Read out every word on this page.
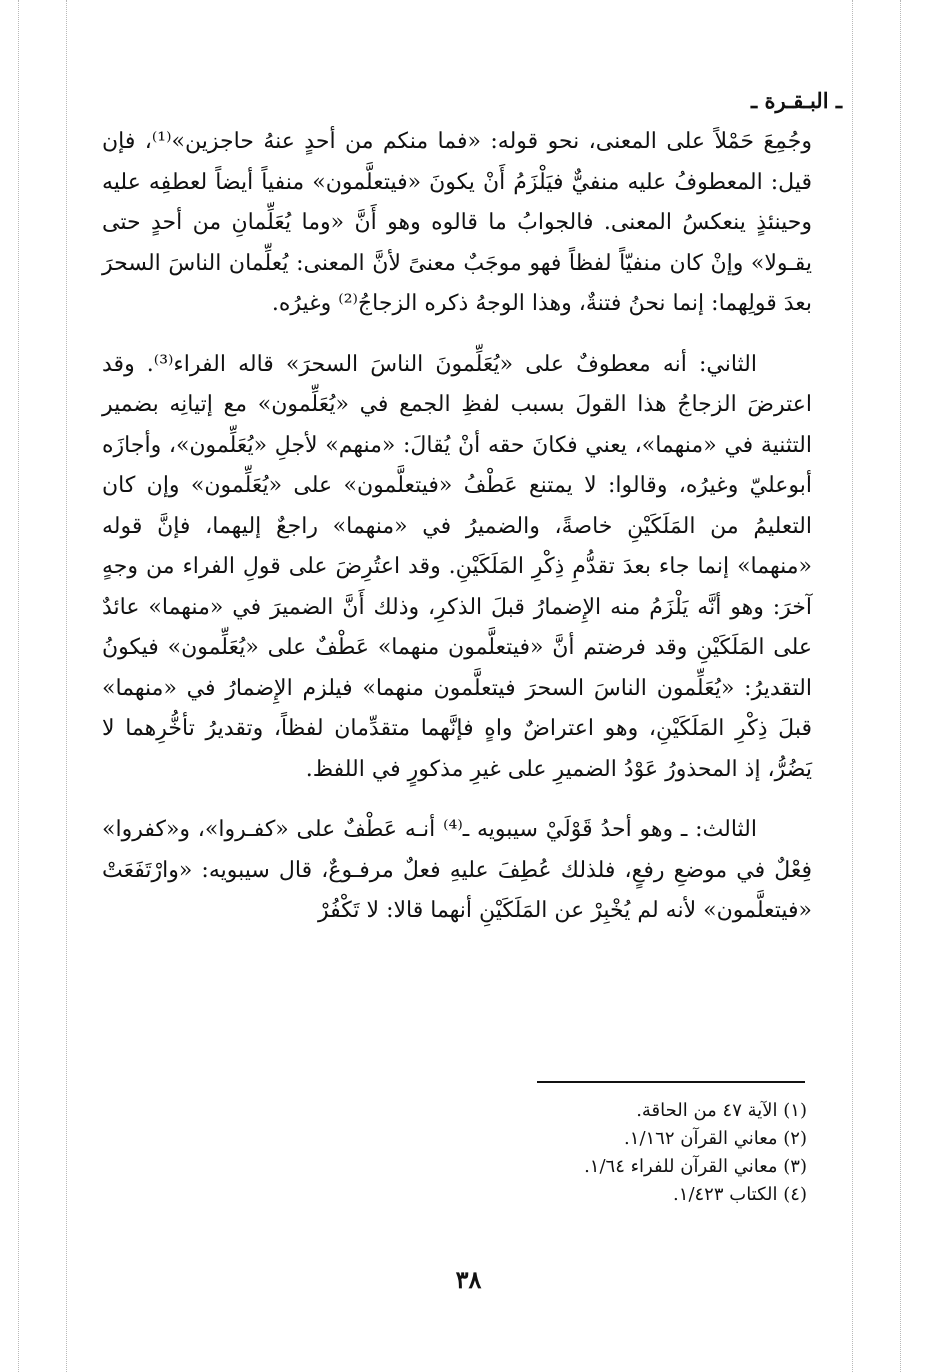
ـ البـقـرة ـ

وجُمِعَ حَمْلاً على المعنى، نحو قوله: «فما منكم من أحدٍ عنهُ حاجزين»⁽¹⁾، فإن قيل: المعطوفُ عليه منفيٌّ فيَلْزَمُ أَنْ يكونَ «فيتعلَّمون» منفياً أيضاً لعطفِه عليه وحينئذٍ ينعكسُ المعنى. فالجوابُ ما قالوه وهو أَنَّ «وما يُعَلِّمانِ من أحدٍ حتى يقـولا» وإنْ كان منفيّاً لفظاً فهو موجَبٌ معنىً لأنَّ المعنى: يُعلِّمان الناسَ السحرَ بعدَ قولِهما: إنما نحنُ فتنةٌ، وهذا الوجهُ ذكره الزجاجُ⁽²⁾ وغيرُه.

الثاني: أنه معطوفٌ على «يُعَلِّمونَ الناسَ السحرَ» قاله الفراء⁽³⁾. وقد اعترضَ الزجاجُ هذا القولَ بسبب لفظِ الجمع في «يُعَلِّمون» مع إتيانِه بضمير التثنية في «منهما»، يعني فكانَ حقه أنْ يُقالَ: «منهم» لأجلِ «يُعَلِّمون»، وأجازَه أبوعليّ وغيرُه، وقالوا: لا يمتنع عَطْفُ «فيتعلَّمون» على «يُعَلِّمون» وإن كان التعليمُ من المَلَكَيْنِ خاصةً، والضميرُ في «منهما» راجعٌ إليهما، فإنَّ قوله «منهما» إنما جاء بعدَ تقدُّمِ ذِكْرِ المَلَكَيْنِ. وقد اعتُرِضَ على قولِ الفراء من وجهٍ آخرَ: وهو أنَّه يَلْزَمُ منه الإِضمارُ قبلَ الذكرِ، وذلك أَنَّ الضميرَ في «منهما» عائدٌ على المَلَكَيْنِ وقد فرضتم أنَّ «فيتعلَّمون منهما» عَطْفٌ على «يُعَلِّمون» فيكونُ التقديرُ: «يُعَلِّمون الناسَ السحرَ فيتعلَّمون منهما» فيلزم الإِضمارُ في «منهما» قبلَ ذِكْرِ المَلَكَيْنِ، وهو اعتراضٌ واهٍ فإنَّهما متقدِّمان لفظاً، وتقديرُ تأخُّرِهما لا يَضُرُّ، إذ المحذورُ عَوْدُ الضميرِ على غيرِ مذكورٍ في اللفظ.

الثالث: ـ وهو أحدُ قَوْلَيْ سيبويه ـ⁽⁴⁾ أنـه عَطْفٌ على «كفـروا»، و«كفروا» فِعْلٌ في موضعِ رفعٍ، فلذلك عُطِفَ عليهِ فعلٌ مرفـوعٌ، قال سيبويه: «وارْتَفَعَتْ «فيتعلَّمون» لأنه لم يُخْبِرْ عن المَلَكَيْنِ أنهما قالا: لا تَكْفُرْ

(١) الآية ٤٧ من الحاقة.
(٢) معاني القرآن ١/١٦٢.
(٣) معاني القرآن للفراء ١/٦٤.
(٤) الكتاب ١/٤٢٣.
٣٨
